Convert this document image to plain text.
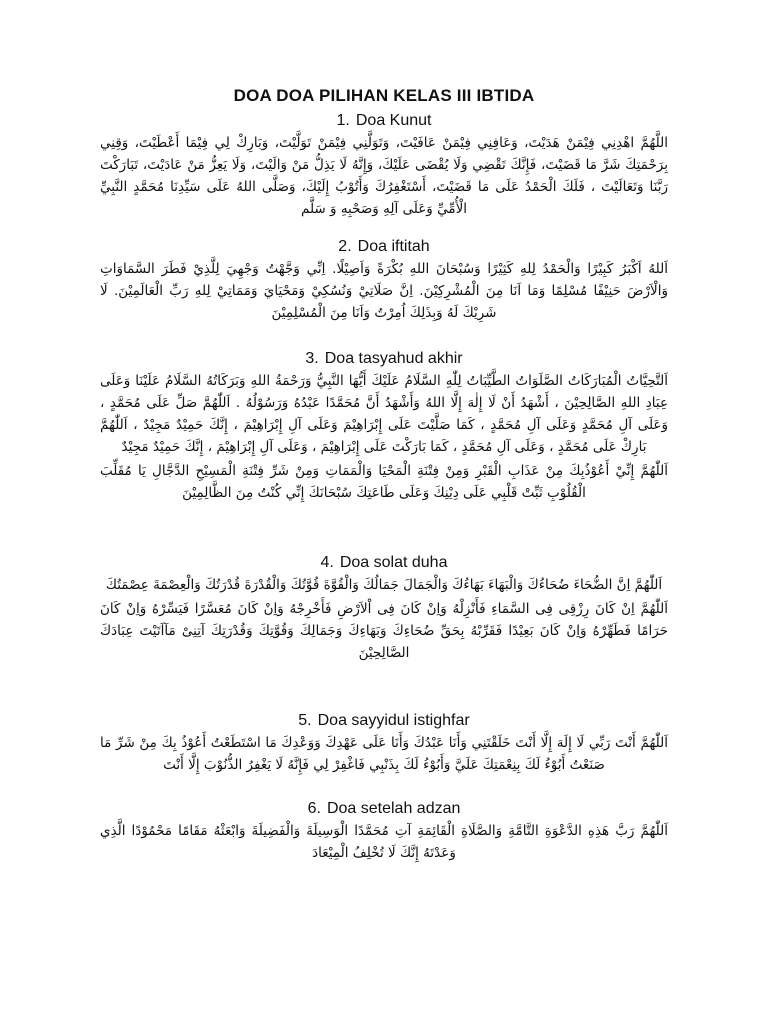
DOA DOA PILIHAN KELAS III IBTIDA
1. Doa Kunut

اللَّهُمَّ اهْدِنِي فِيْمَنْ هَدَيْتَ، وَعَافِنِي فِيْمَنْ عَافَيْتَ، وَتَوَلَّنِي فِيْمَنْ تَوَلَّيْتَ، وَبَارِكْ لِي فِيْمَا أَعْطَيْتَ، وَقِنِي بِرَحْمَتِكَ شَرَّ مَا قَضَيْتَ، فَإِنَّكَ تَقْضِي وَلَا يُقْضَى عَلَيْكَ، وَإِنَّهُ لَا يَذِلُّ مَنْ وَالَيْتَ، وَلَا يَعِزُّ مَنْ عَادَيْتَ، تَبَارَكْتَ رَبَّنَا وَتَعَالَيْتَ ، فَلَكَ الْحَمْدُ عَلَى مَا قَضَيْتَ، أَسْتَغْفِرُكَ وَأَتُوْبُ إِلَيْكَ، وَصَلَّى اللهُ عَلَى سَيِّدِنَا مُحَمَّدٍ النَّبِيِّ الْأُمِّيِّ وَعَلَى آلِهِ وَصَحْبِهِ وَ سَلَّم

2. Doa iftitah

اَللهُ اَكْبَرُ كَبِيْرًا وَالْحَمْدُ لِلهِ كَثِيْرًا وَسُبْحَانَ اللهِ بُكْرَةً وَاَصِيْلًا. اِنِّي وَجَّهْتُ وَجْهِيَ لِلَّذِيْ فَطَرَ السَّمَاوَاتِ وَالْاَرْضَ حَنِيْفًا مُسْلِمًا وَمَا اَنَا مِنَ الْمُشْرِكِيْنَ. اِنَّ صَلَاتِيْ وَنُسُكِيْ وَمَحْيَايَ وَمَمَاتِيْ لِلهِ رَبِّ الْعَالَمِيْنَ. لَا شَرِيْكَ لَهُ وَبِذَلِكَ اُمِرْتُ وَاَنَا مِنَ الْمُسْلِمِيْنَ

3. Doa tasyahud akhir

اَلتَّحِيَّاتُ الْمُبَارَكَاتُ الصَّلَوَاتُ الطَّيِّبَاتُ لِلّٰهِ السَّلَامُ عَلَيْكَ أَيُّهَا النَّبِيُّ وَرَحْمَةُ اللهِ وَبَرَكَاتُهُ السَّلَامُ عَلَيْنَا وَعَلَى عِبَادِ اللهِ الصَّالِحِيْنَ ، أَشْهَدُ أَنْ لَا إِلٰهَ إِلَّا اللهُ وَأَشْهَدُ أَنَّ مُحَمَّدًا عَبْدُهُ وَرَسُوْلُهُ . اَللّٰهُمَّ صَلِّ عَلَى مُحَمَّدٍ ، وَعَلَى آلِ مُحَمَّدٍ وَعَلَى آلِ مُحَمَّدٍ ، كَمَا صَلَّيْتَ عَلَى إِبْرَاهِيْمَ وَعَلَى آلِ إِبْرَاهِيْمَ ، إِنَّكَ حَمِيْدٌ مَجِيْدٌ ، اَللّٰهُمَّ بَارِكْ عَلَى مُحَمَّدٍ ، وَعَلَى آلِ مُحَمَّدٍ ، كَمَا بَارَكْتَ عَلَى إِبْرَاهِيْمَ ، وَعَلَى آلِ إِبْرَاهِيْمَ ، إِنَّكَ حَمِيْدٌ مَجِيْدٌ

اَللّٰهُمَّ إِنِّيْ أَعُوْذُبِكَ مِنْ عَذَابِ الْقَبْرِ وَمِنْ فِتْنَةِ الْمَحْيَا وَالْمَمَاتِ وَمِنْ شَرِّ فِتْنَةِ الْمَسِيْحِ الدَّجَّالِ يَا مُقَلِّبَ الْقُلُوْبِ ثَبِّتْ قَلْبِي عَلَى دِيْنِكَ وَعَلَى طَاعَتِكَ سُبْحَانَكَ إِنِّي كُنْتُ مِنَ الظَّالِمِيْنَ

4. Doa solat duha

اَللّٰهُمَّ اِنَّ الضُّحَاءَ ضُحَاءُكَ وَالْبَهَاءَ بَهَاءُكَ وَالْجَمَالَ جَمَالُكَ وَالْقُوَّةَ قُوَّتُكَ وَالْقُدْرَةَ قُدْرَتُكَ وَالْعِصْمَةَ عِصْمَتُكَ

اَللّٰهُمَّ اِنْ كَانَ رِزْقِى فِى السَّمَاءِ فَأَنْزِلْهُ وَاِنْ كَانَ فِى اْلاَرْضِ فَأَخْرِجْهُ وَاِنْ كَانَ مُعَسَّرًا فَيَسِّرْهُ وَاِنْ كَانَ حَرَامًا فَطَهِّرْهُ وَاِنْ كَانَ بَعِيْدًا فَقَرِّبْهُ بِحَقِّ ضُحَاءِكَ وَبَهَاءِكَ وَجَمَالِكَ وَقُوَّتِكَ وَقُدْرَتِكَ آتِنِىْ مَآاَتَيْتَ عِبَادَكَ الصَّالِحِيْنَ

5. Doa sayyidul istighfar

اَللّٰهُمَّ أَنْتَ رَبِّي لَا إِلَهَ إِلَّا أَنْتَ خَلَقْتَنِي وَأَنَا عَبْدُكَ وَأَنَا عَلَى عَهْدِكَ وَوَعْدِكَ مَا اسْتَطَعْتُ أَعُوْذُ بِكَ مِنْ شَرِّ مَا صَنَعْتُ أَبُوْءُ لَكَ بِنِعْمَتِكَ عَلَيَّ وَأَبُوْءُ لَكَ بِذَنْبِي فَاغْفِرْ لِي فَإِنَّهُ لَا يَغْفِرُ الذُّنُوْبَ إِلَّا أَنْتَ

6. Doa setelah adzan

اَللّٰهُمَّ رَبَّ هَذِهِ الدَّعْوَةِ التَّامَّةِ وَالصَّلَاةِ الْقَائِمَةِ آتِ مُحَمَّدًا الْوَسِيلَةَ وَالْفَضِيلَةَ وَابْعَثْهُ مَقَامًا مَحْمُوْدًا الَّذِي وَعَدْتَهُ إِنَّكَ لَا تُخْلِفُ الْمِيْعَادَ
